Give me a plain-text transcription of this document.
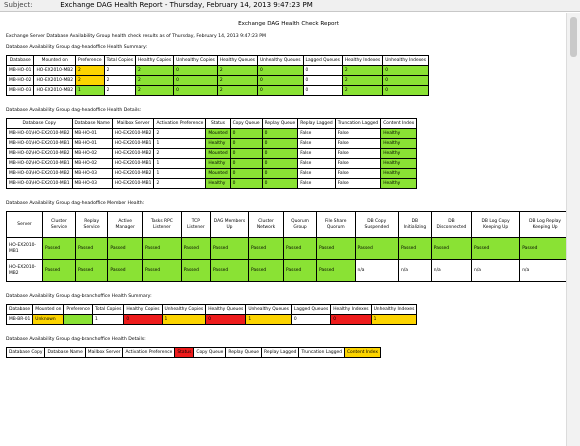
Subject:	Exchange DAG Health Report - Thursday, February 14, 2013 9:47:23 PM
Exchange DAG Health Check Report

Exchange Server Database Availability Group health check results as of Thursday, February 14, 2013 9:47:23 PM

Database Availability Group dag-headoffice Health Summary:

Database	Mounted on	Preference	Total Copies	Healthy Copies	Unhealthy Copies	Healthy Queues	Unhealthy Queues	Lagged Queues	Healthy Indexes	Unhealthy Indexes
MB-HO-01	HO-EX2010-MB2	2	2	2	0	2	0	0	2	0
MB-HO-02	HO-EX2010-MB2	2	2	2	0	2	0	0	2	0
MB-HO-03	HO-EX2010-MB2	1	2	2	0	2	0	0	2	0

Database Availability Group dag-headoffice Health Details:

Database Copy	Database Name	Mailbox Server	Activation Preference	Status	Copy Queue	Replay Queue	Replay Lagged	Truncation Lagged	Content Index
MB-HO-01\HO-EX2010-MB2	MB-HO-01	HO-EX2010-MB2	2	Mounted	0	0	False	False	Healthy
MB-HO-01\HO-EX2010-MB1	MB-HO-01	HO-EX2010-MB1	1	Healthy	0	0	False	False	Healthy
MB-HO-02\HO-EX2010-MB2	MB-HO-02	HO-EX2010-MB2	2	Mounted	0	0	False	False	Healthy
MB-HO-02\HO-EX2010-MB1	MB-HO-02	HO-EX2010-MB1	1	Healthy	0	0	False	False	Healthy
MB-HO-03\HO-EX2010-MB2	MB-HO-03	HO-EX2010-MB2	1	Mounted	0	0	False	False	Healthy
MB-HO-03\HO-EX2010-MB1	MB-HO-03	HO-EX2010-MB1	2	Healthy	0	0	False	False	Healthy

Database Availability Group dag-headoffice Member Health:

Server	Cluster Service	Replay Service	Active Manager	Tasks RPC Listener	TCP Listener	DAG Members Up	Cluster Network	Quorum Group	File Share Quorum	DB Copy Suspended	DB Initializing	DB Disconnected	DB Log Copy Keeping Up	DB Log Replay Keeping Up
HO-EX2010-MB1	Passed	Passed	Passed	Passed	Passed	Passed	Passed	Passed	Passed	Passed	Passed	Passed	Passed	Passed
HO-EX2010-MB2	Passed	Passed	Passed	Passed	Passed	Passed	Passed	Passed	Passed	n/a	n/a	n/a	n/a	n/a

Database Availability Group dag-branchoffice Health Summary:

Database	Mounted on	Preference	Total Copies	Healthy Copies	Unhealthy Copies	Healthy Queues	Unhealthy Queues	Lagged Queues	Healthy Indexes	Unhealthy Indexes
MB-BR-01	Unknown		1	0	1	0	1	0	0	1

Database Availability Group dag-branchoffice Health Details:

Database Copy	Database Name	Mailbox Server	Activation Preference	Status	Copy Queue	Replay Queue	Replay Lagged	Truncation Lagged	Content Index
